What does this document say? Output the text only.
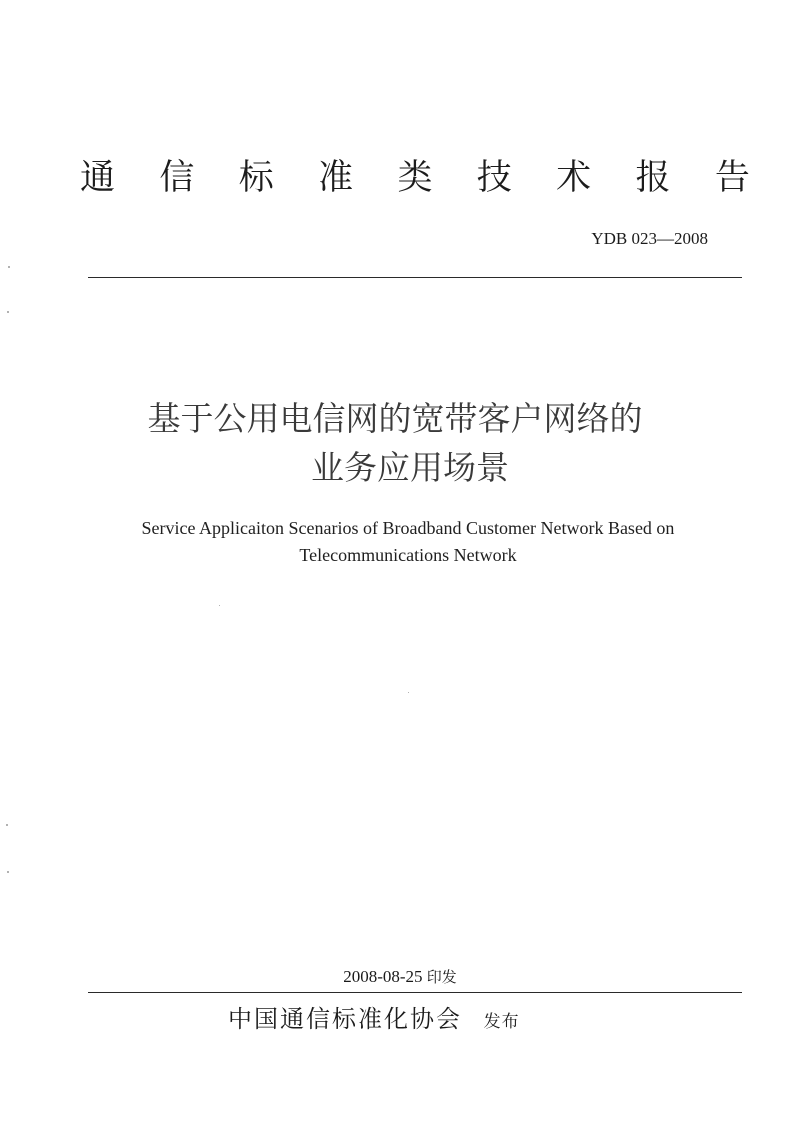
通 信 标 准 类 技 术 报 告
YDB 023—2008
基于公用电信网的宽带客户网络的
业务应用场景
Service Applicaiton Scenarios of Broadband Customer Network Based on
Telecommunications Network
2008-08-25 印发
中国通信标准化协会 发布
